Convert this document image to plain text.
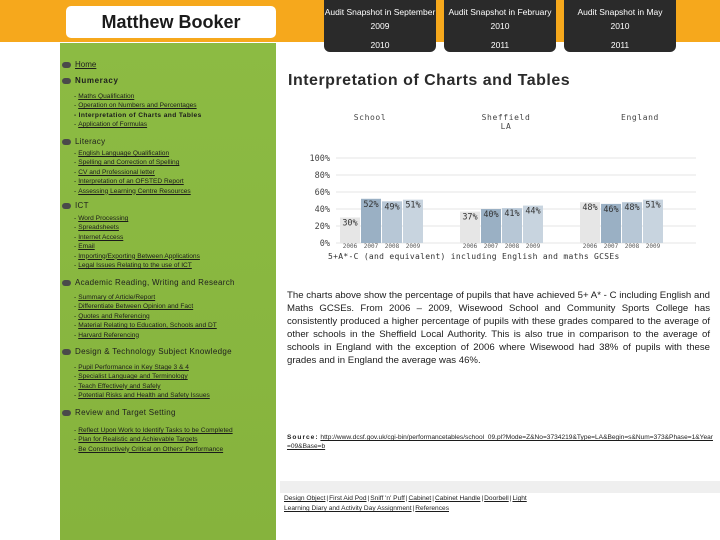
Matthew Booker	Audit Snapshot in September
2009
2010
Audit Snapshot in February
2010
2011
Audit Snapshot in May
2010
2011
Home
Numeracy
- Maths Qualification
- Operation on Numbers and Percentages
- Interpretation of Charts and Tables
- Application of Formulas
Literacy
- English Language Qualification
- Spelling and Correction of Spelling
- CV and Professional letter
- Interpretation of an OFSTED Report
- Assessing Learning Centre Resources
ICT
- Word Processing
- Spreadsheets
- Internet Access
- Email
- Importing/Exporting Between Applications
- Legal Issues Relating to the use of ICT
Academic Reading, Writing and Research
- Summary of Article/Report
- Differentiate Between Opinion and Fact
- Quotes and Referencing
- Material Relating to Education, Schools and DT
- Harvard Referencing
Design & Technology Subject Knowledge
- Pupil Performance in Key Stage 3 & 4
- Specialist Language and Terminology
- Teach Effectively and Safely
- Potential Risks and Health and Safety Issues
Review and Target Setting
- Reflect Upon Work to Identify Tasks to be Completed
- Plan for Realistic and Achievable Targets
- Be Constructively Critical on Others' Performance
Interpretation of Charts and Tables
School	Sheffield
LA
England
0%
20%
40%
60%
80%
100%
30%
2006
52%
2007
49%
2008
51%
2009
37%
2006
40%
2007
41%
2008
44%
2009
48%
2006
46%
2007
48%
2008
51%
2009
5+A*-C (and equivalent) including English and maths GCSEs

The charts above show the percentage of pupils that have achieved 5+ A* - C including English and Maths GCSEs. From 2006 – 2009, Wisewood School and Community Sports College has consistently produced a higher percentage of pupils with these grades compared to the average of other schools in the Sheffield Local Authority. This is also true in comparison to the average of schools in England with the exception of 2006 where Wisewood had 38% of pupils with these grades and in England the average was 46%.

Source: http://www.dcsf.gov.uk/cgi-bin/performancetables/school_09.pl?Mode=Z&No=3734219&Type=LA&Begin=s&Num=373&Phase=1&Year=09&Base=b
Design Object|First Aid Pod|Sniff 'n' Puff|Cabinet|Cabinet Handle|Doorbell|Light
Learning Diary and Activity Day Assignment|References
